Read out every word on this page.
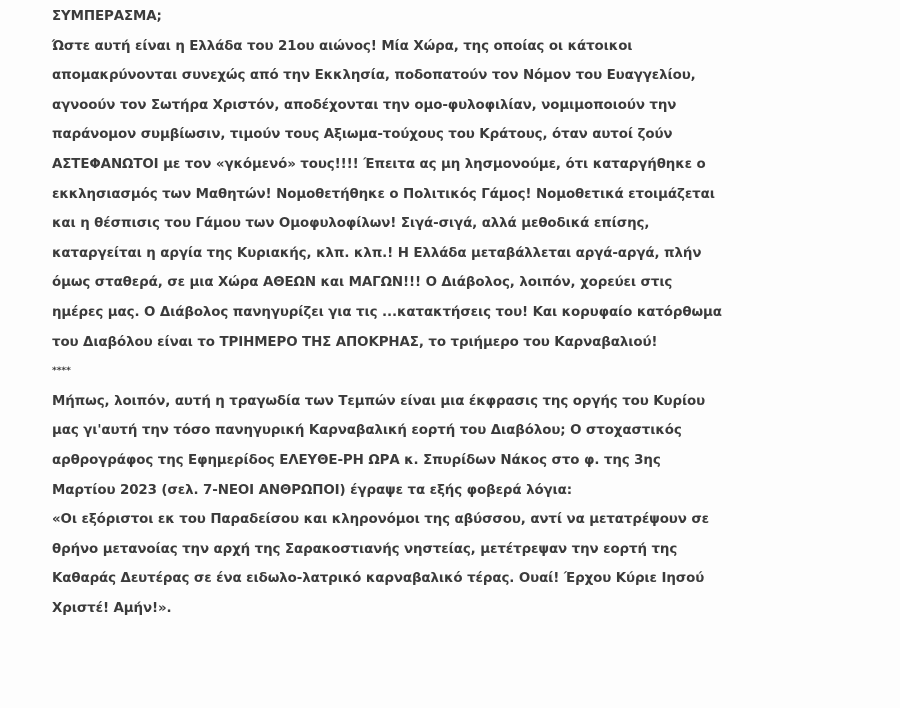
ΣΥΜΠΕΡΑΣΜΑ;
Ώστε αυτή είναι η Ελλάδα του 21ου αιώνος! Μία Χώρα, της οποίας οι κάτοικοι
απομακρύνονται συνεχώς από την Εκκλησία, ποδοπατούν τον Νόμον του Ευαγγελίου,
αγνοούν τον Σωτήρα Χριστόν, αποδέχονται την ομο-φυλοφιλίαν, νομιμοποιούν την
παράνομον συμβίωσιν, τιμούν τους Αξιωμα-τούχους του Κράτους, όταν αυτοί ζούν
ΑΣΤΕΦΑΝΩΤΟΙ με τον «γκόμενό» τους!!!! Έπειτα ας μη λησμονούμε, ότι καταργήθηκε ο
εκκλησιασμός των Μαθητών! Νομοθετήθηκε ο Πολιτικός Γάμος! Νομοθετικά ετοιμάζεται
και η θέσπισις του Γάμου των Ομοφυλοφίλων! Σιγά-σιγά, αλλά μεθοδικά επίσης,
καταργείται η αργία της Κυριακής, κλπ. κλπ.! Η Ελλάδα μεταβάλλεται αργά-αργά, πλήν
όμως σταθερά, σε μια Χώρα ΑΘΕΩΝ και ΜΑΓΩΝ!!! Ο Διάβολος, λοιπόν, χορεύει στις
ημέρες μας. Ο Διάβολος πανηγυρίζει για τις ...κατακτήσεις του! Και κορυφαίο κατόρθωμα
του Διαβόλου είναι το ΤΡΙΗΜΕΡΟ ΤΗΣ ΑΠΟΚΡΗΑΣ, το τριήμερο του Καρναβαλιού!
****
Μήπως, λοιπόν, αυτή η τραγωδία των Τεμπών είναι μια έκφρασις της οργής του Κυρίου
μας γι'αυτή την τόσο πανηγυρική Καρναβαλική εορτή του Διαβόλου; Ο στοχαστικός
αρθρογράφος της Εφημερίδος ΕΛΕΥΘΕ-ΡΗ ΩΡΑ κ. Σπυρίδων Νάκος στο φ. της 3ης
Μαρτίου 2023 (σελ. 7-ΝΕΟΙ ΑΝΘΡΩΠΟΙ) έγραψε τα εξής φοβερά λόγια:
«Οι εξόριστοι εκ του Παραδείσου και κληρονόμοι της αβύσσου, αντί να μετατρέψουν σε
θρήνο μετανοίας την αρχή της Σαρακοστιανής νηστείας, μετέτρεψαν την εορτή της
Καθαράς Δευτέρας σε ένα ειδωλο-λατρικό καρναβαλικό τέρας. Ουαί! Έρχου Κύριε Ιησού
Χριστέ! Αμήν!».
